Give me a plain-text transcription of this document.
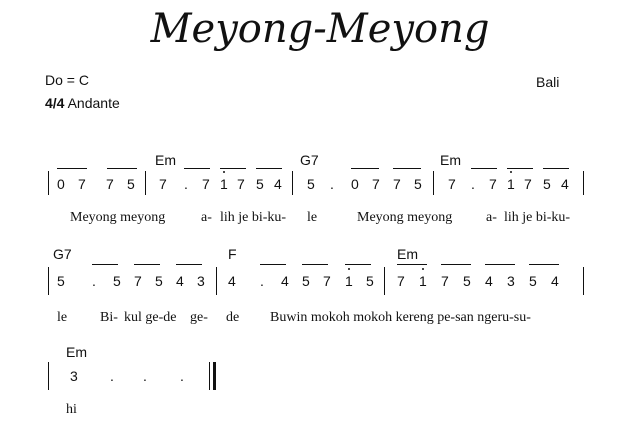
Meyong-Meyong
Do = C
4/4 Andante
Bali
Em	G7	Em
0 7 7 5 7 . 7 1 7 5 4 5 . 0 7 7 5 7 . 7 1 7 5 4
Meyong meyong	a- lih je bi-ku- le	Meyong meyong a- lih je bi-ku-
G7	F	Em
5 . 5 7 5 4 3 4 . 4 5 7 1 5 7 1 7 5 4 3 5 4
le Bi- kul ge-de ge- de Buwin mokoh mokoh kereng pe-san ngeru-su-
Em
3 . . .
hi
